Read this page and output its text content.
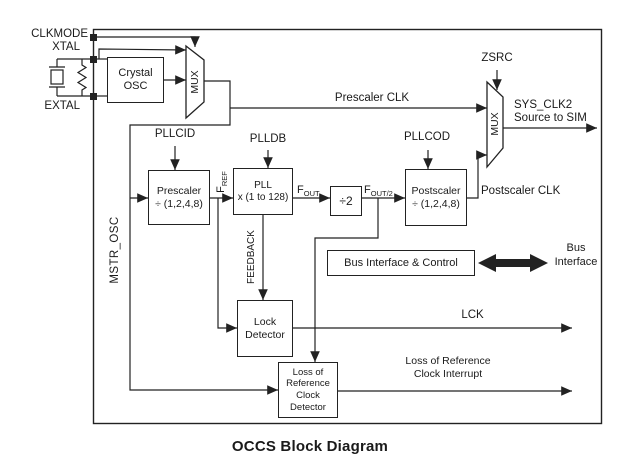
Crystal
OSC
Prescaler
÷ (1,2,4,8)
PLL
x (1 to 128)	÷2
Postscaler
÷ (1,2,4,8)
Bus Interface & Control
Lock
Detector
Loss of
Reference
Clock
Detector
MUX
MUX
CLKMODE
XTAL
EXTAL
PLLCID	PLLDB	PLLCOD
ZSRC
Prescaler CLK
Postscaler CLK
SYS_CLK2
Source to SIM
LCK
Loss of Reference
Clock Interrupt
Bus
Interface
MSTR_OSC	FEEDBACK
$F_{REF}$
$F_{OUT}$	$F_{OUT/2}$
OCCS Block Diagram
